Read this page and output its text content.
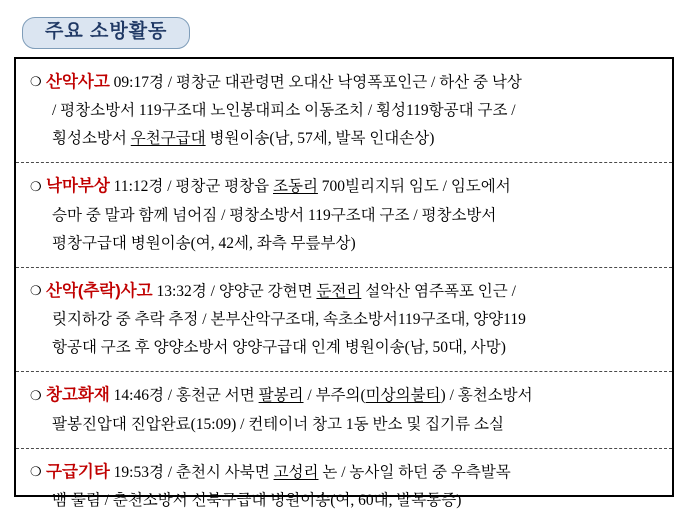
주요 소방활동
❍ 산악사고 09:17경 / 평창군 대관령면 오대산 낙영폭포인근 / 하산 중 낙상
/ 평창소방서 119구조대 노인봉대피소 이동조치 / 횡성119항공대 구조 /
횡성소방서 우천구급대 병원이송(남, 57세, 발목 인대손상)
❍ 낙마부상 11:12경 / 평창군 평창읍 조동리 700빌리지뒤 임도 / 임도에서
승마 중 말과 함께 넘어짐 / 평창소방서 119구조대 구조 / 평창소방서
평창구급대 병원이송(여, 42세, 좌측 무릎부상)
❍ 산악(추락)사고 13:32경 / 양양군 강현면 둔전리 설악산 염주폭포 인근 /
릿지하강 중 추락 추정 / 본부산악구조대, 속초소방서119구조대, 양양119
항공대 구조 후 양양소방서 양양구급대 인계 병원이송(남, 50대, 사망)
❍ 창고화재 14:46경 / 홍천군 서면 팔봉리 / 부주의(미상의불티) / 홍천소방서
팔봉진압대 진압완료(15:09) / 컨테이너 창고 1동 반소 및 집기류 소실
❍ 구급기타 19:53경 / 춘천시 사북면 고성리 논 / 농사일 하던 중 우측발목
뱀 물림 / 춘천소방서 신북구급대 병원이송(여, 60대, 발목통증)
